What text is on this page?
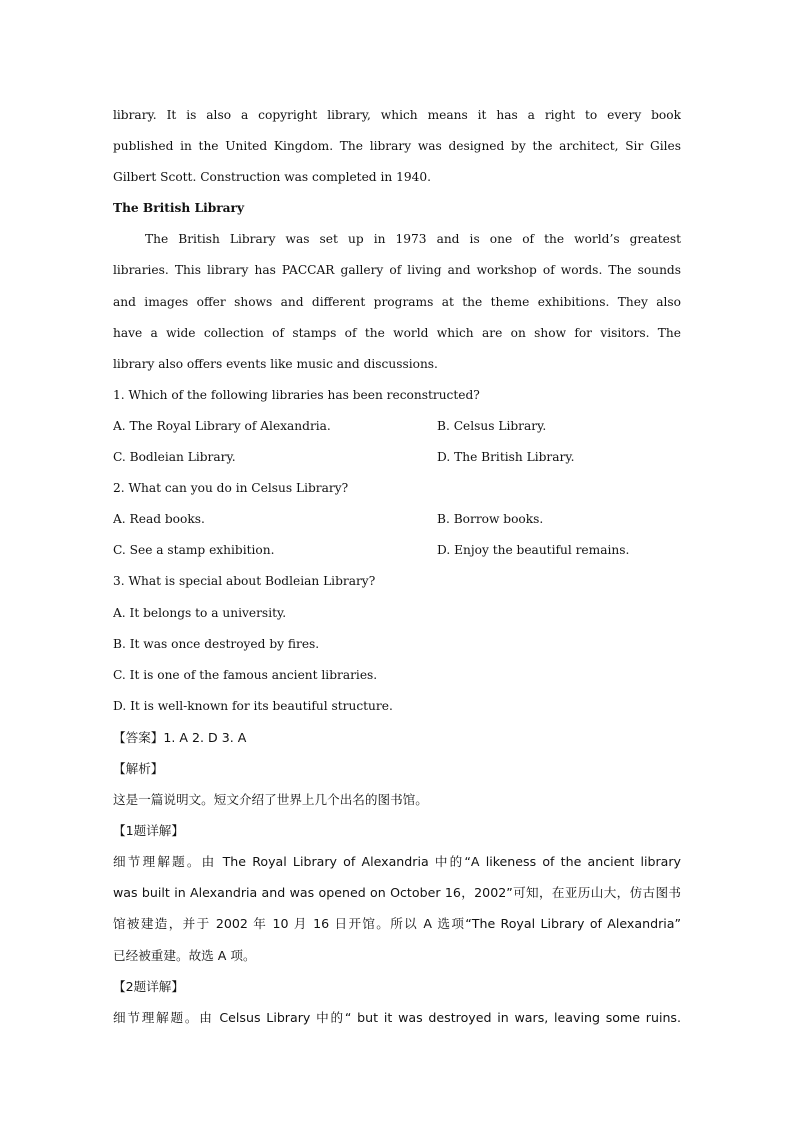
library. It is also a copyright library, which means it has a right to every book
published in the United Kingdom. The library was designed by the architect, Sir Giles
Gilbert Scott. Construction was completed in 1940.
The British Library
The British Library was set up in 1973 and is one of the world’s greatest
libraries. This library has PACCAR gallery of living and workshop of words. The sounds
and images offer shows and different programs at the theme exhibitions. They also
have a wide collection of stamps of the world which are on show for visitors. The
library also offers events like music and discussions.
1. Which of the following libraries has been reconstructed?
A. The Royal Library of Alexandria.	B. Celsus Library.
C. Bodleian Library.	D. The British Library.
2. What can you do in Celsus Library?
A. Read books.	B. Borrow books.
C. See a stamp exhibition.	D. Enjoy the beautiful remains.
3. What is special about Bodleian Library?
A. It belongs to a university.
B. It was once destroyed by fires.
C. It is one of the famous ancient libraries.
D. It is well-known for its beautiful structure.
【答案】1. A 2. D 3. A
【解析】
这是一篇说明文。短文介绍了世界上几个出名的图书馆。
【1题详解】
细节理解题。由 The Royal Library of Alexandria 中的“A likeness of the ancient library
was built in Alexandria and was opened on October 16，2002”可知，在亚历山大，仿古图书
馆被建造，并于 2002 年 10 月 16 日开馆。所以 A 选项“The Royal Library of Alexandria”
已经被重建。故选 A 项。
【2题详解】
细节理解题。由 Celsus Library 中的“ but it was destroyed in wars, leaving some ruins.
